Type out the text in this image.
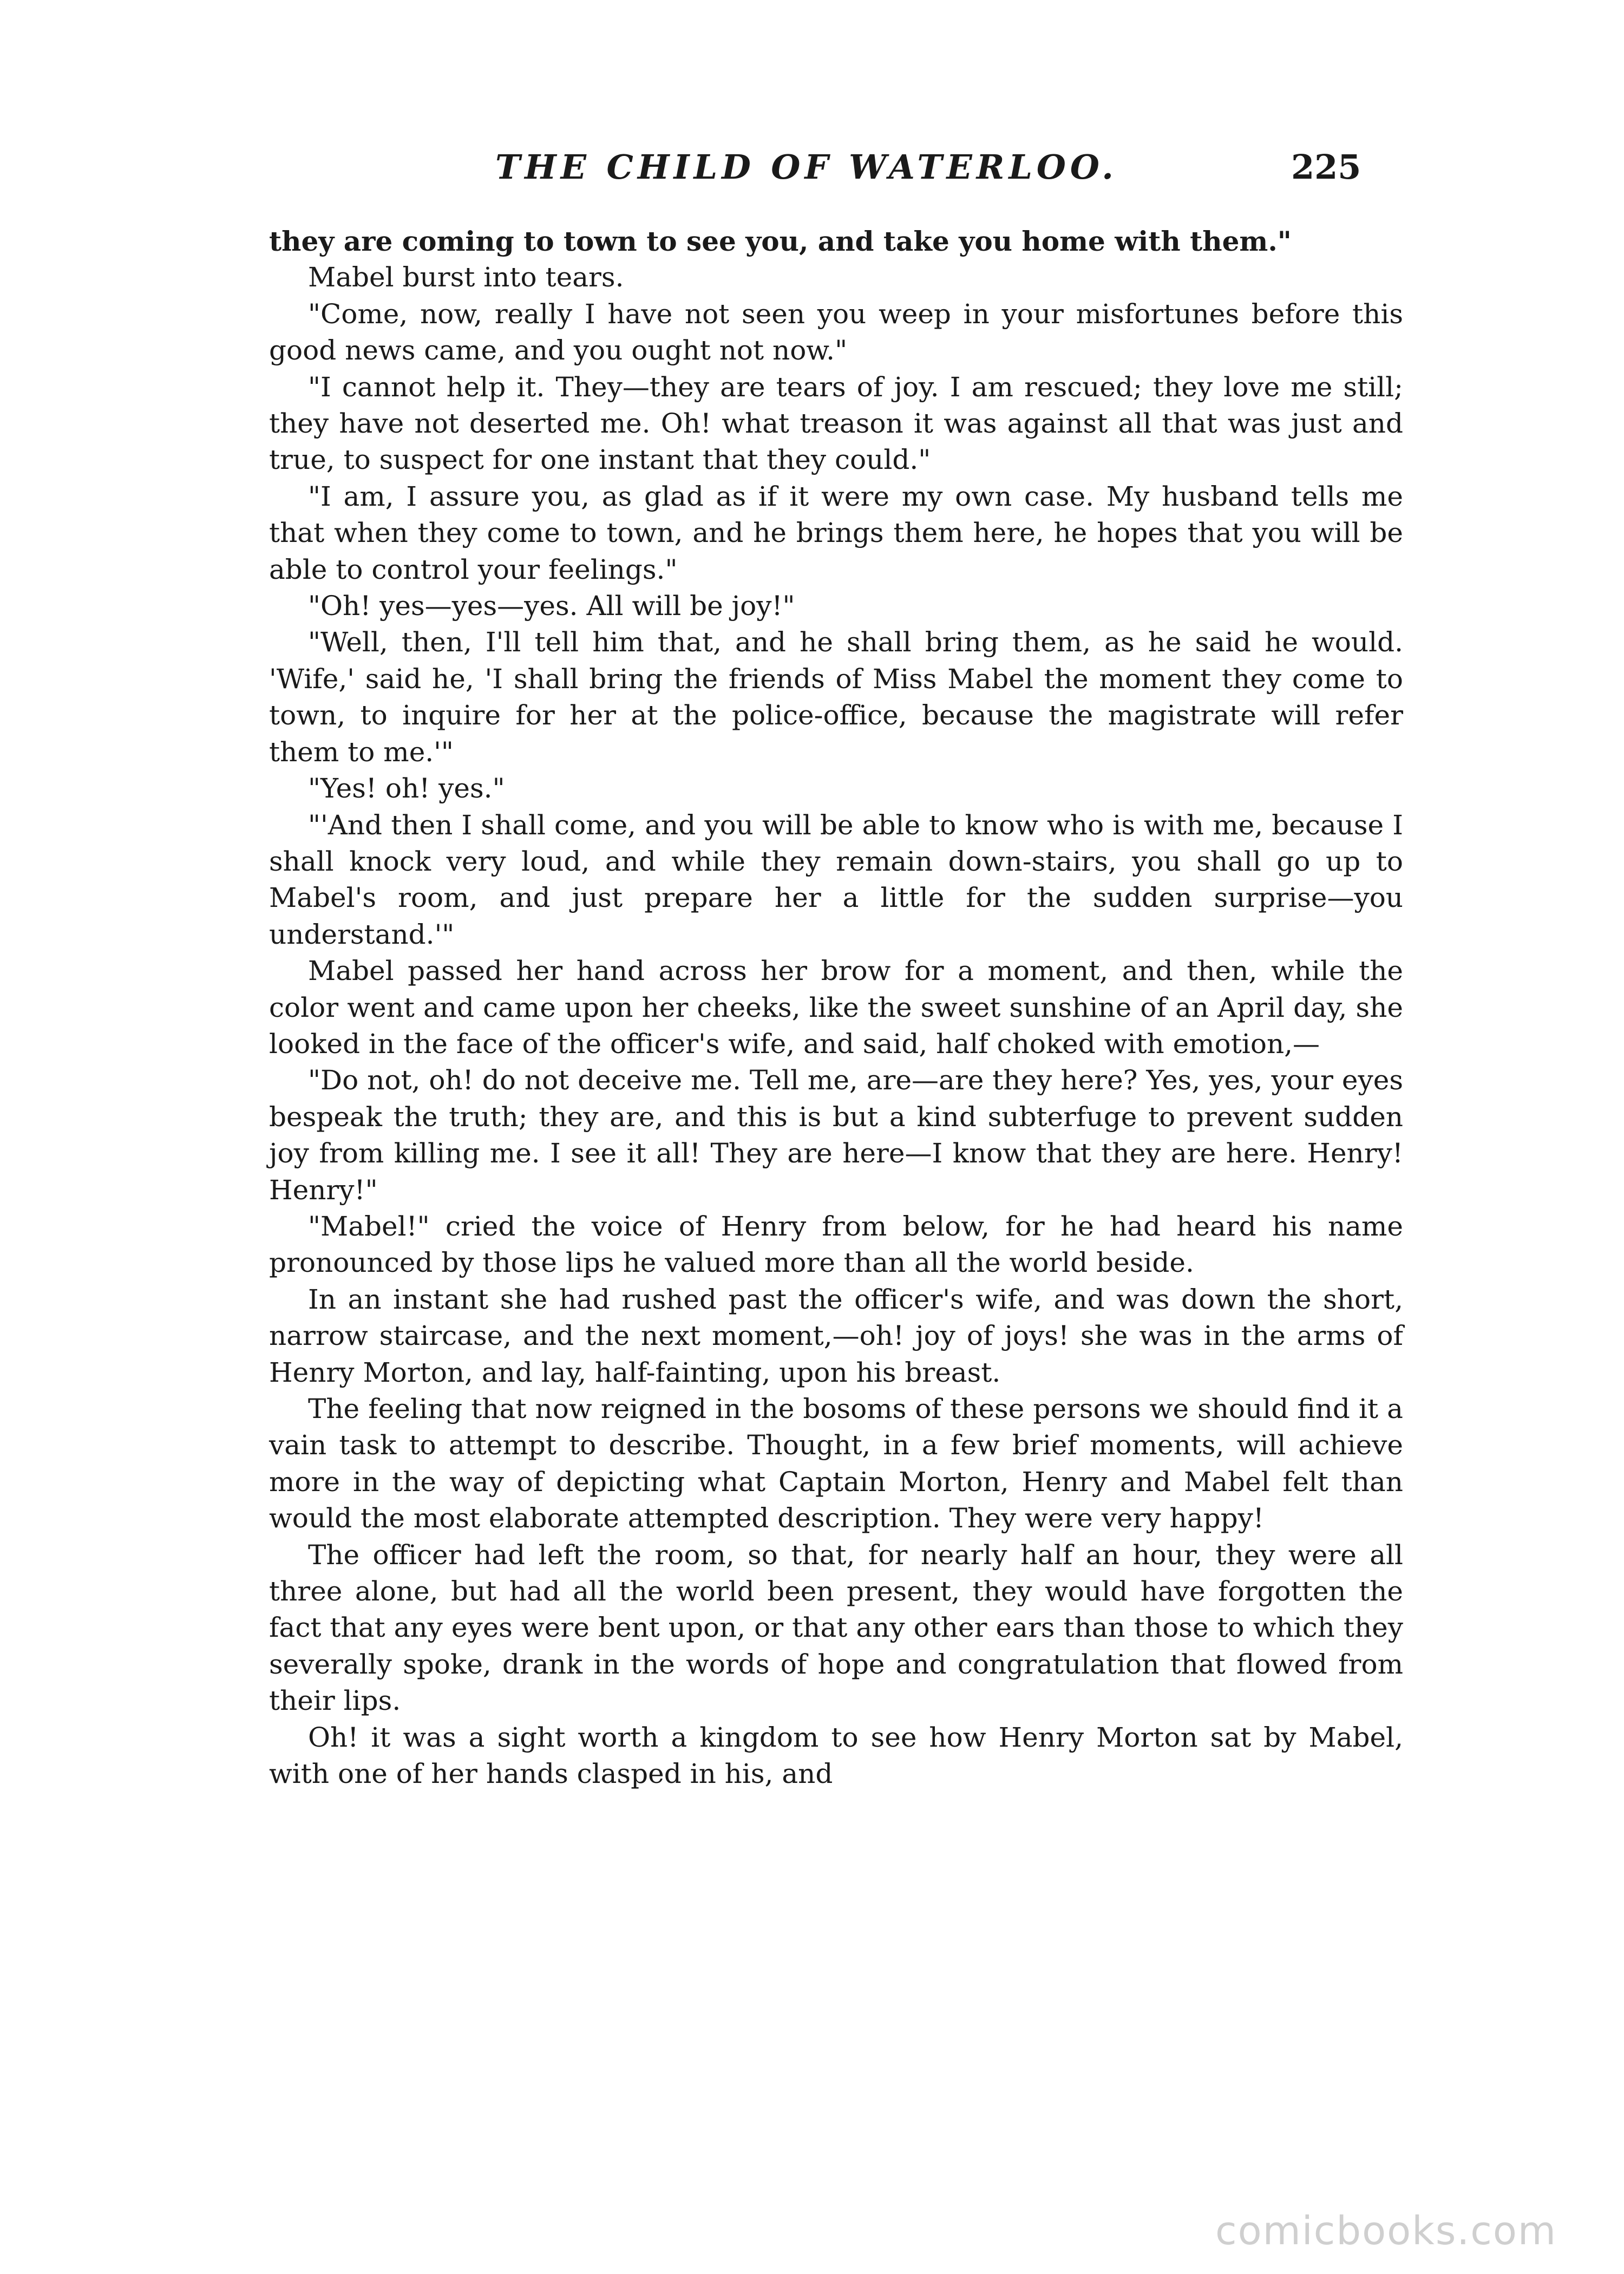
THE CHILD OF WATERLOO.	225

they are coming to town to see you, and take you home with them."

Mabel burst into tears.

"Come, now, really I have not seen you weep in your misfortunes before this good news came, and you ought not now."

"I cannot help it. They—they are tears of joy. I am rescued; they love me still; they have not deserted me. Oh! what treason it was against all that was just and true, to suspect for one instant that they could."

"I am, I assure you, as glad as if it were my own case. My husband tells me that when they come to town, and he brings them here, he hopes that you will be able to control your feelings."

"Oh! yes—yes—yes. All will be joy!"

"Well, then, I'll tell him that, and he shall bring them, as he said he would. 'Wife,' said he, 'I shall bring the friends of Miss Mabel the moment they come to town, to inquire for her at the police-office, because the magistrate will refer them to me.'"

"Yes! oh! yes."

"'And then I shall come, and you will be able to know who is with me, because I shall knock very loud, and while they remain down-stairs, you shall go up to Mabel's room, and just prepare her a little for the sudden surprise—you understand.'"

Mabel passed her hand across her brow for a moment, and then, while the color went and came upon her cheeks, like the sweet sunshine of an April day, she looked in the face of the officer's wife, and said, half choked with emotion,—

"Do not, oh! do not deceive me. Tell me, are—are they here? Yes, yes, your eyes bespeak the truth; they are, and this is but a kind subterfuge to prevent sudden joy from killing me. I see it all! They are here—I know that they are here. Henry! Henry!"

"Mabel!" cried the voice of Henry from below, for he had heard his name pronounced by those lips he valued more than all the world beside.

In an instant she had rushed past the officer's wife, and was down the short, narrow staircase, and the next moment,—oh! joy of joys! she was in the arms of Henry Morton, and lay, half-fainting, upon his breast.

The feeling that now reigned in the bosoms of these persons we should find it a vain task to attempt to describe. Thought, in a few brief moments, will achieve more in the way of depicting what Captain Morton, Henry and Mabel felt than would the most elaborate attempted description. They were very happy!

The officer had left the room, so that, for nearly half an hour, they were all three alone, but had all the world been present, they would have forgotten the fact that any eyes were bent upon, or that any other ears than those to which they severally spoke, drank in the words of hope and congratulation that flowed from their lips.

Oh! it was a sight worth a kingdom to see how Henry Morton sat by Mabel, with one of her hands clasped in his, and

comicbooks.com
